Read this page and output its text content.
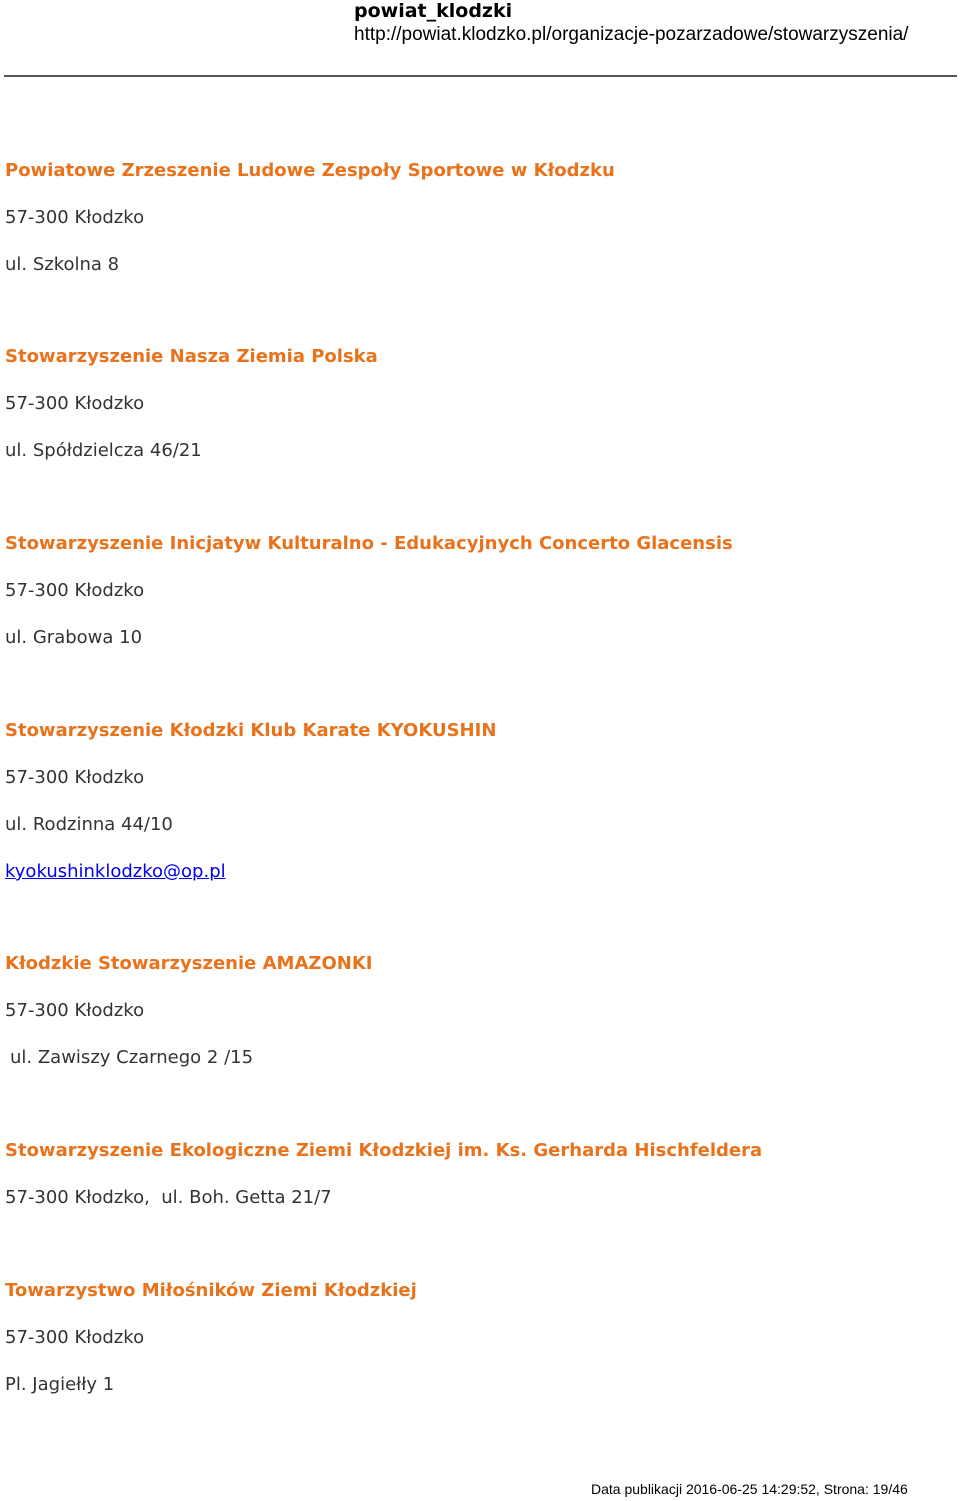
powiat_klodzki
http://powiat.klodzko.pl/organizacje-pozarzadowe/stowarzyszenia/
Powiatowe Zrzeszenie Ludowe Zespoły Sportowe w Kłodzku
57-300 Kłodzko
ul. Szkolna 8
Stowarzyszenie Nasza Ziemia Polska
57-300 Kłodzko
ul. Spółdzielcza 46/21
Stowarzyszenie Inicjatyw Kulturalno - Edukacyjnych Concerto Glacensis
57-300 Kłodzko
ul. Grabowa 10
Stowarzyszenie Kłodzki Klub Karate KYOKUSHIN
57-300 Kłodzko
ul. Rodzinna 44/10
kyokushinklodzko@op.pl
Kłodzkie Stowarzyszenie AMAZONKI
57-300 Kłodzko
ul. Zawiszy Czarnego 2 /15
Stowarzyszenie Ekologiczne Ziemi Kłodzkiej im. Ks. Gerharda Hischfeldera
57-300 Kłodzko,  ul. Boh. Getta 21/7
Towarzystwo Miłośników Ziemi Kłodzkiej
57-300 Kłodzko
Pl. Jagiełły 1
Data publikacji 2016-06-25 14:29:52, Strona: 19/46
